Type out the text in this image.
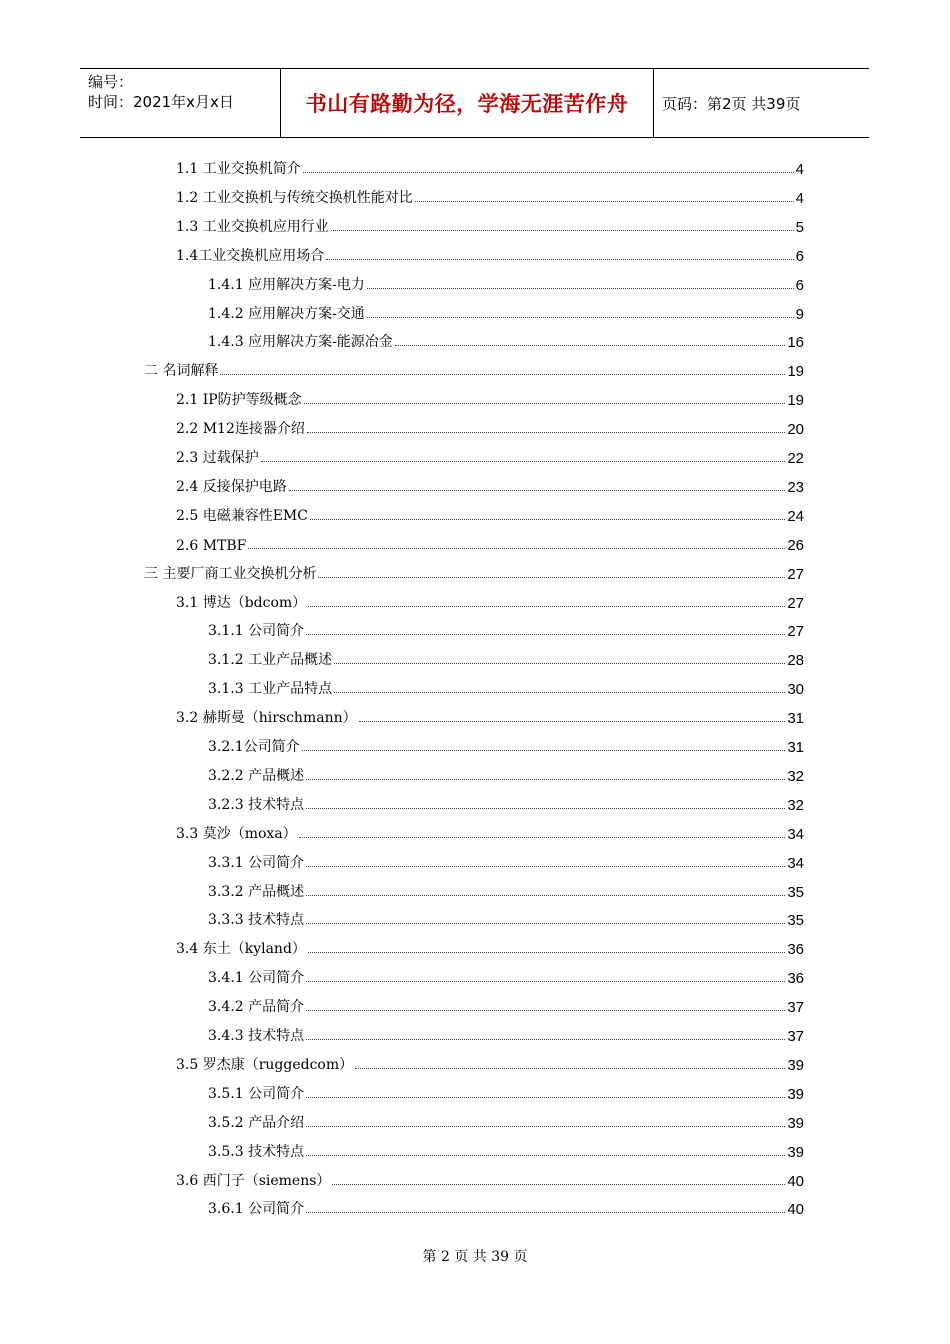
编号：
时间：2021年x月x日	书山有路勤为径，学海无涯苦作舟 页码：第2页 共39页
1.1 工业交换机简介	4
1.2 工业交换机与传统交换机性能对比	4
1.3 工业交换机应用行业	5
1.4工业交换机应用场合	6
1.4.1 应用解决方案-电力	6
1.4.2 应用解决方案-交通	9
1.4.3 应用解决方案-能源冶金	16
二 名词解释	19
2.1 IP防护等级概念	19
2.2 M12连接器介绍	20
2.3 过载保护	22
2.4 反接保护电路	23
2.5 电磁兼容性EMC	24
2.6 MTBF	26
三 主要厂商工业交换机分析	27
3.1 博达（bdcom）	27
3.1.1 公司简介	27
3.1.2 工业产品概述	28
3.1.3 工业产品特点	30
3.2 赫斯曼（hirschmann）	31
3.2.1公司简介	31
3.2.2 产品概述	32
3.2.3 技术特点	32
3.3 莫沙（moxa）	34
3.3.1 公司简介	34
3.3.2 产品概述	35
3.3.3 技术特点	35
3.4 东土（kyland）	36
3.4.1 公司简介	36
3.4.2 产品简介	37
3.4.3 技术特点	37
3.5 罗杰康（ruggedcom）	39
3.5.1 公司简介	39
3.5.2 产品介绍	39
3.5.3 技术特点	39
3.6 西门子（siemens）	40
3.6.1 公司简介	40
第 2 页 共 39 页
